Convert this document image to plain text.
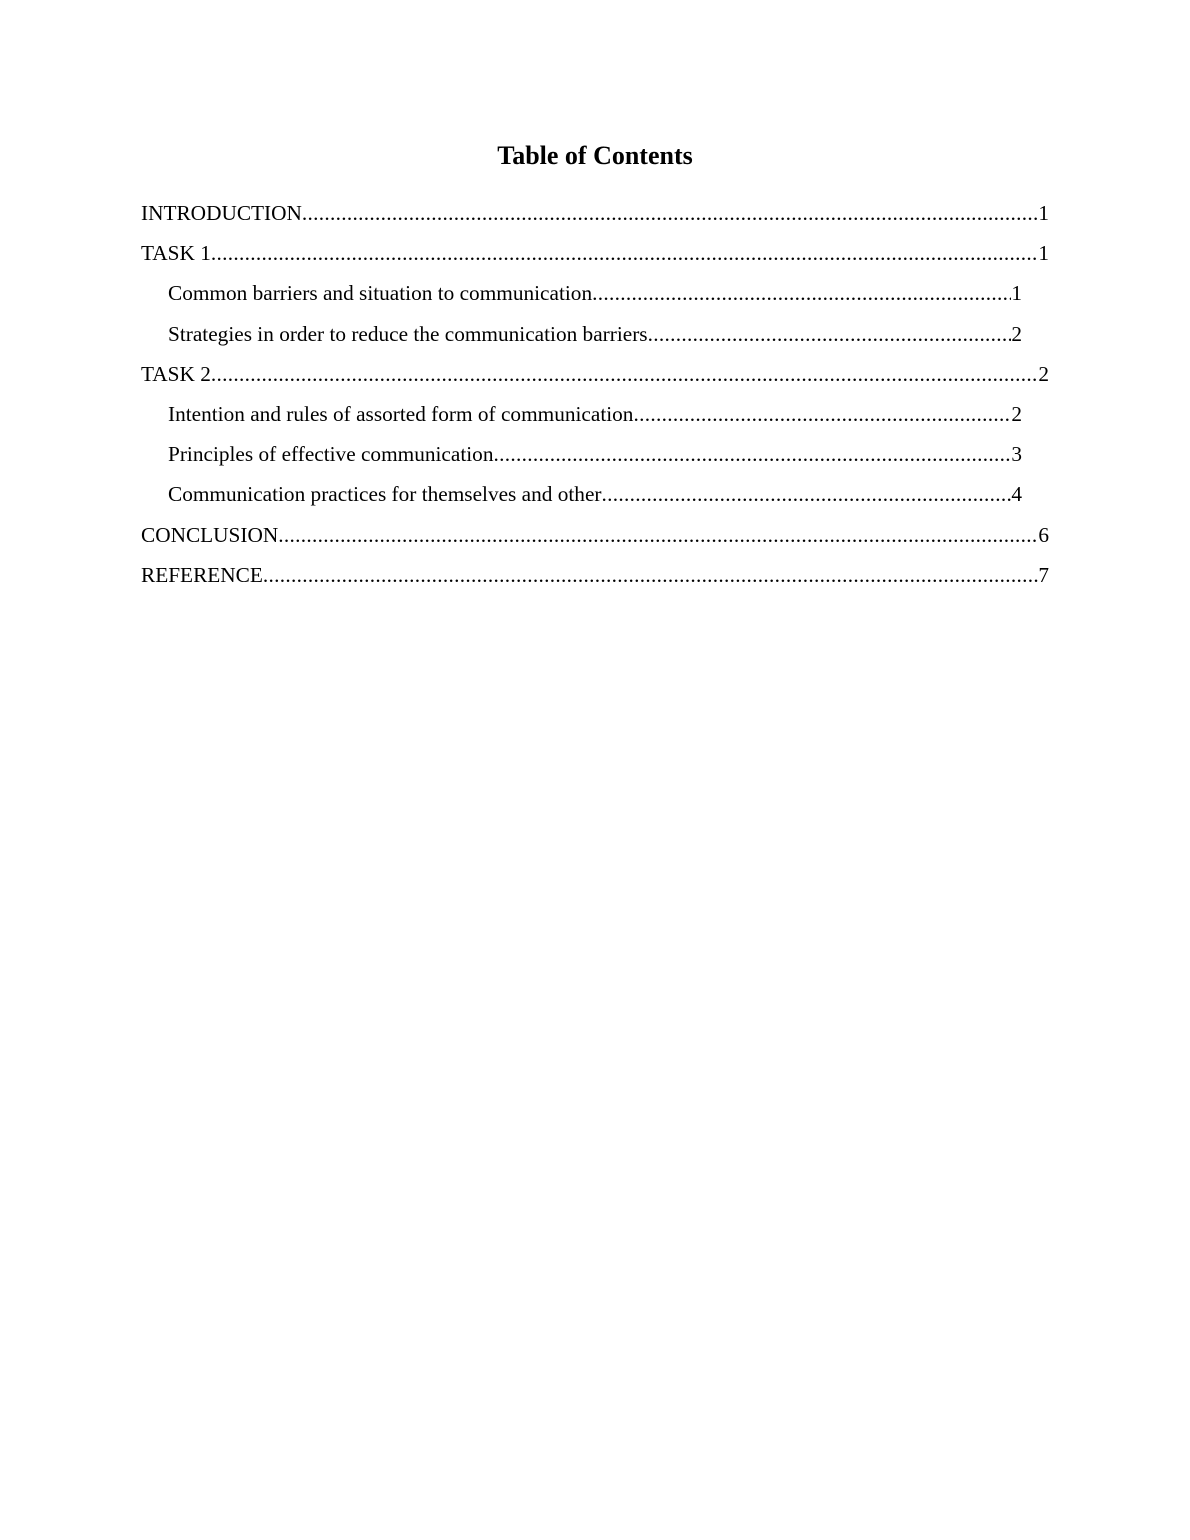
Table of Contents
INTRODUCTION .....	1
TASK 1 .....	1
Common barriers and situation to communication .....	1
Strategies in order to reduce the communication barriers .....	2
TASK 2 .....	2
Intention and rules of assorted form of communication .....	2
Principles of effective communication .....	3
Communication practices for themselves and other .....	4
CONCLUSION .....	6
REFERENCE .....	7
